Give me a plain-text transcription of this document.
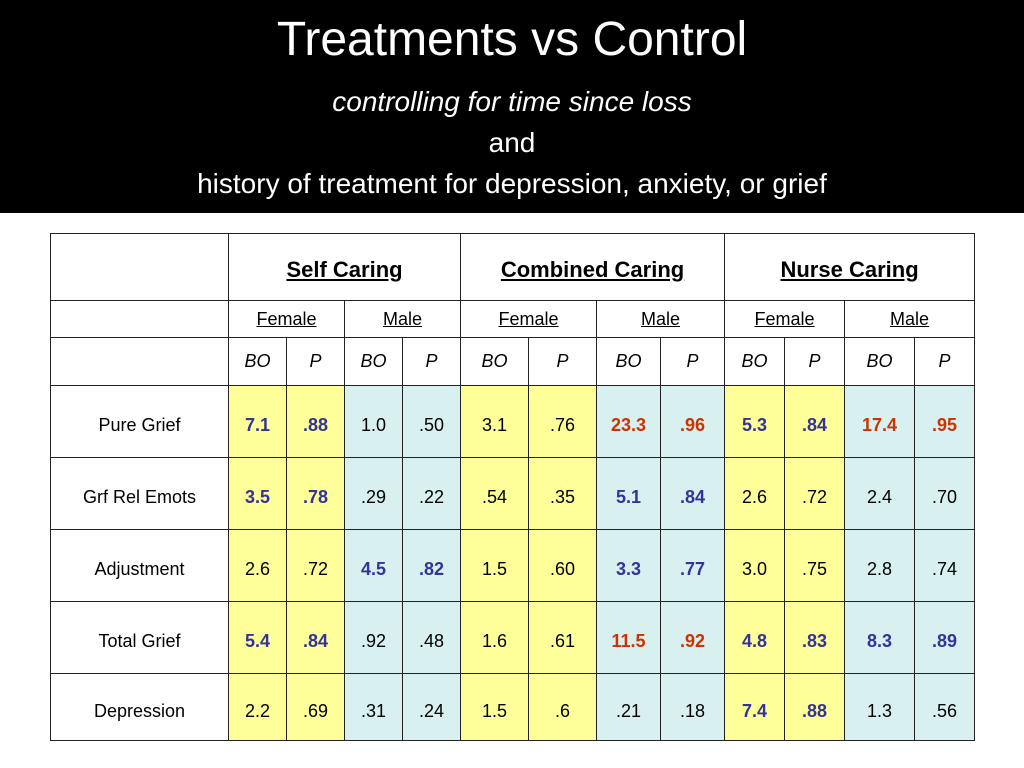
Treatments vs Control
controlling for time since loss
and
history of treatment for depression, anxiety, or grief
	Self Caring				Combined Caring				Nurse Caring			
	Female		Male		Female		Male		Female		Male	
	BO	P	BO	P	BO	P	BO	P	BO	P	BO	P
Pure Grief	7.1	.88	1.0	.50	3.1	.76	23.3	.96	5.3	.84	17.4	.95
Grf Rel Emots	3.5	.78	.29	.22	.54	.35	5.1	.84	2.6	.72	2.4	.70
Adjustment	2.6	.72	4.5	.82	1.5	.60	3.3	.77	3.0	.75	2.8	.74
Total Grief	5.4	.84	.92	.48	1.6	.61	11.5	.92	4.8	.83	8.3	.89
Depression	2.2	.69	.31	.24	1.5	.6	.21	.18	7.4	.88	1.3	.56
